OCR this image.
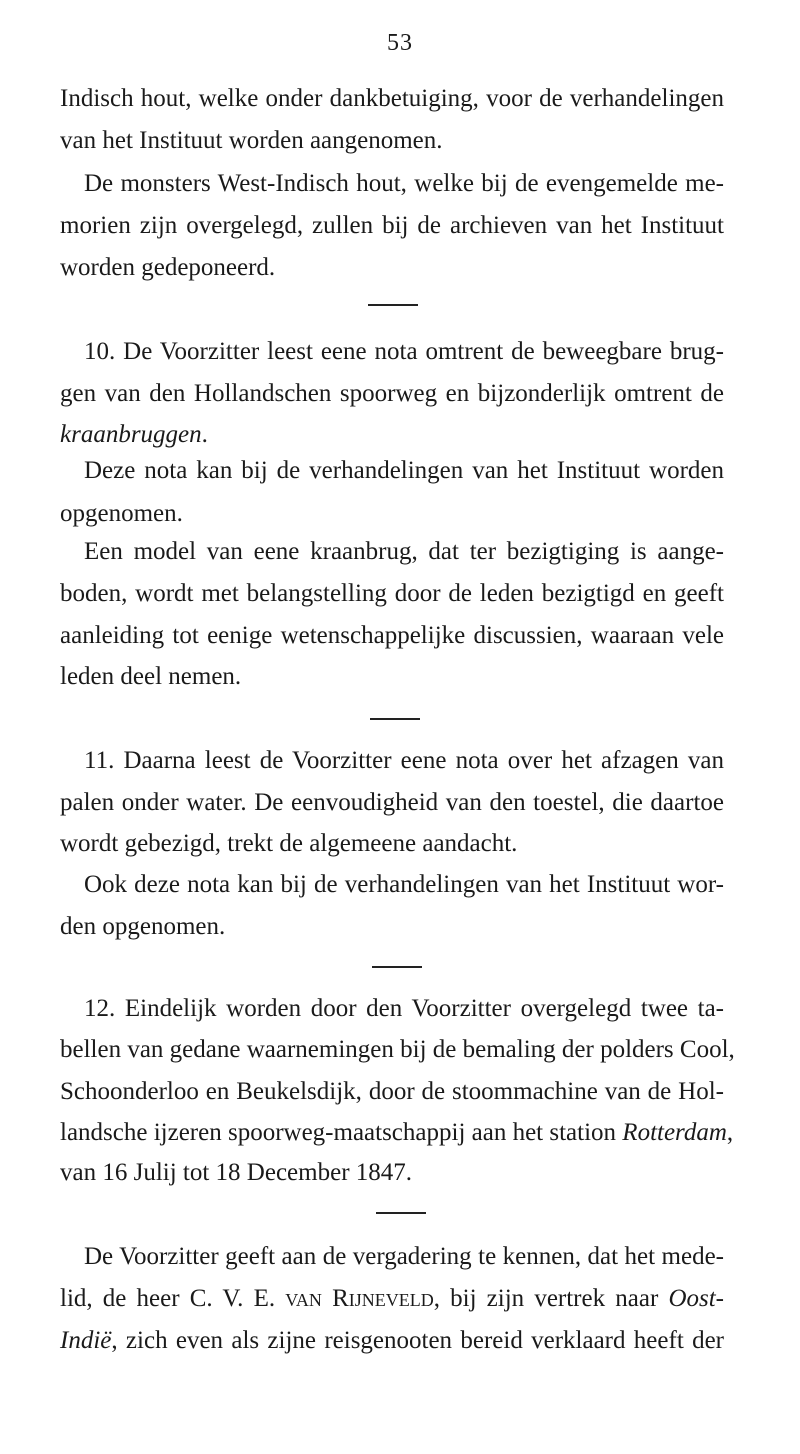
53
Indisch hout, welke onder dankbetuiging, voor de verhandelingen
van het Instituut worden aangenomen.
De monsters West-Indisch hout, welke bij de evengemelde me-
morien zijn overgelegd, zullen bij de archieven van het Instituut
worden gedeponeerd.
10. De Voorzitter leest eene nota omtrent de beweegbare brug-
gen van den Hollandschen spoorweg en bijzonderlijk omtrent de
kraanbruggen.
Deze nota kan bij de verhandelingen van het Instituut worden
opgenomen.
Een model van eene kraanbrug, dat ter bezigtiging is aange-
boden, wordt met belangstelling door de leden bezigtigd en geeft
aanleiding tot eenige wetenschappelijke discussien, waaraan vele
leden deel nemen.
11. Daarna leest de Voorzitter eene nota over het afzagen van
palen onder water. De eenvoudigheid van den toestel, die daartoe
wordt gebezigd, trekt de algemeene aandacht.
Ook deze nota kan bij de verhandelingen van het Instituut wor-
den opgenomen.
12. Eindelijk worden door den Voorzitter overgelegd twee ta-
bellen van gedane waarnemingen bij de bemaling der polders Cool,
Schoonderloo en Beukelsdijk, door de stoommachine van de Hol-
landsche ijzeren spoorweg-maatschappij aan het station Rotterdam,
van 16 Julij tot 18 December 1847.
De Voorzitter geeft aan de vergadering te kennen, dat het mede-
lid, de heer C. V. E. van Rijneveld, bij zijn vertrek naar Oost-
Indië, zich even als zijne reisgenooten bereid verklaard heeft der
